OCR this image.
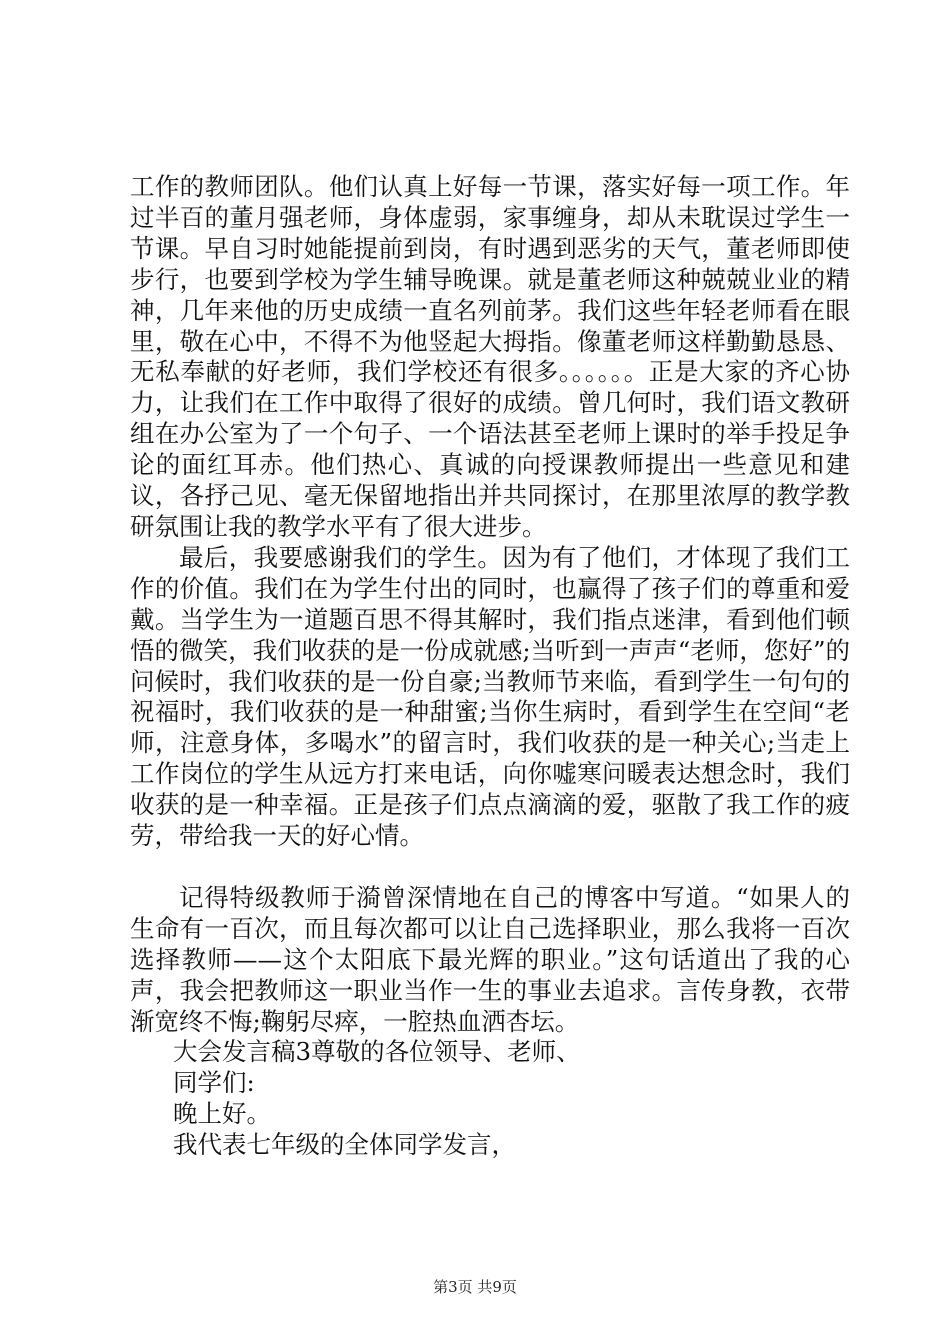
工作的教师团队。他们认真上好每一节课，落实好每一项工作。年过半百的董月强老师，身体虚弱，家事缠身，却从未耽误过学生一节课。早自习时她能提前到岗，有时遇到恶劣的天气，董老师即使步行，也要到学校为学生辅导晚课。就是董老师这种兢兢业业的精神，几年来他的历史成绩一直名列前茅。我们这些年轻老师看在眼里，敬在心中，不得不为他竖起大拇指。像董老师这样勤勤恳恳、无私奉献的好老师，我们学校还有很多。。。。。。正是大家的齐心协力，让我们在工作中取得了很好的成绩。曾几何时，我们语文教研组在办公室为了一个句子、一个语法甚至老师上课时的举手投足争论的面红耳赤。他们热心、真诚的向授课教师提出一些意见和建议，各抒己见、毫无保留地指出并共同探讨，在那里浓厚的教学教研氛围让我的教学水平有了很大进步。

最后，我要感谢我们的学生。因为有了他们，才体现了我们工作的价值。我们在为学生付出的同时，也赢得了孩子们的尊重和爱戴。当学生为一道题百思不得其解时，我们指点迷津，看到他们顿悟的微笑，我们收获的是一份成就感;当听到一声声“老师，您好”的问候时，我们收获的是一份自豪;当教师节来临，看到学生一句句的祝福时，我们收获的是一种甜蜜;当你生病时，看到学生在空间“老师，注意身体，多喝水”的留言时，我们收获的是一种关心;当走上工作岗位的学生从远方打来电话，向你嘘寒问暖表达想念时，我们收获的是一种幸福。正是孩子们点点滴滴的爱，驱散了我工作的疲劳，带给我一天的好心情。

记得特级教师于漪曾深情地在自己的博客中写道。“如果人的生命有一百次，而且每次都可以让自己选择职业，那么我将一百次选择教师——这个太阳底下最光辉的职业。”这句话道出了我的心声，我会把教师这一职业当作一生的事业去追求。言传身教，衣带渐宽终不悔;鞠躬尽瘁，一腔热血洒杏坛。

大会发言稿3尊敬的各位领导、老师、

同学们:

晚上好。

我代表七年级的全体同学发言，

第3页 共9页
